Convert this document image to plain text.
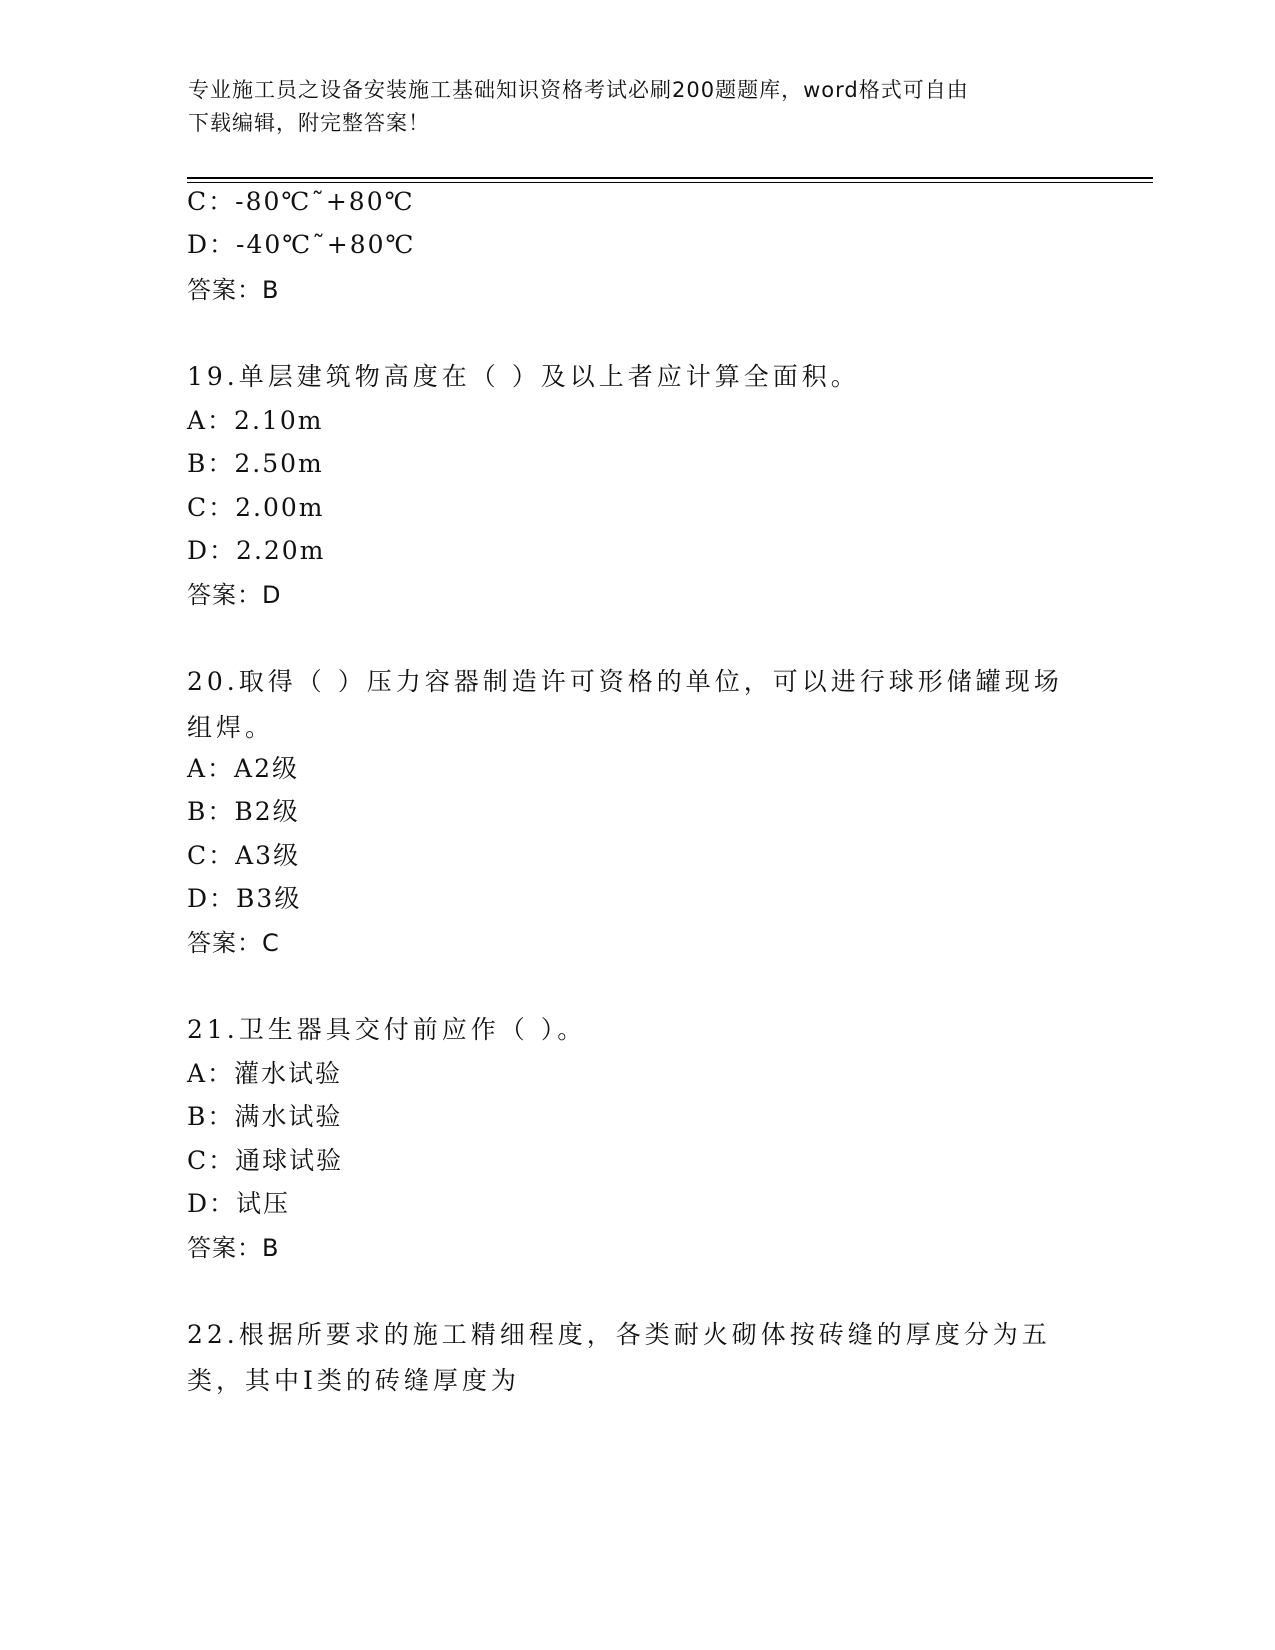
专业施工员之设备安装施工基础知识资格考试必刷200题题库，word格式可自由
下载编辑，附完整答案！
C：-80℃˜+80℃
D：-40℃˜+80℃
答案：B
19.单层建筑物高度在（ ）及以上者应计算全面积。
A：2.10m
B：2.50m
C：2.00m
D：2.20m
答案：D
20.取得（ ）压力容器制造许可资格的单位，可以进行球形储罐现场组焊。
A：A2级
B：B2级
C：A3级
D：B3级
答案：C
21.卫生器具交付前应作（ ）。
A：灌水试验
B：满水试验
C：通球试验
D：试压
答案：B
22.根据所要求的施工精细程度，各类耐火砌体按砖缝的厚度分为五类，其中Ⅰ类的砖缝厚度为
